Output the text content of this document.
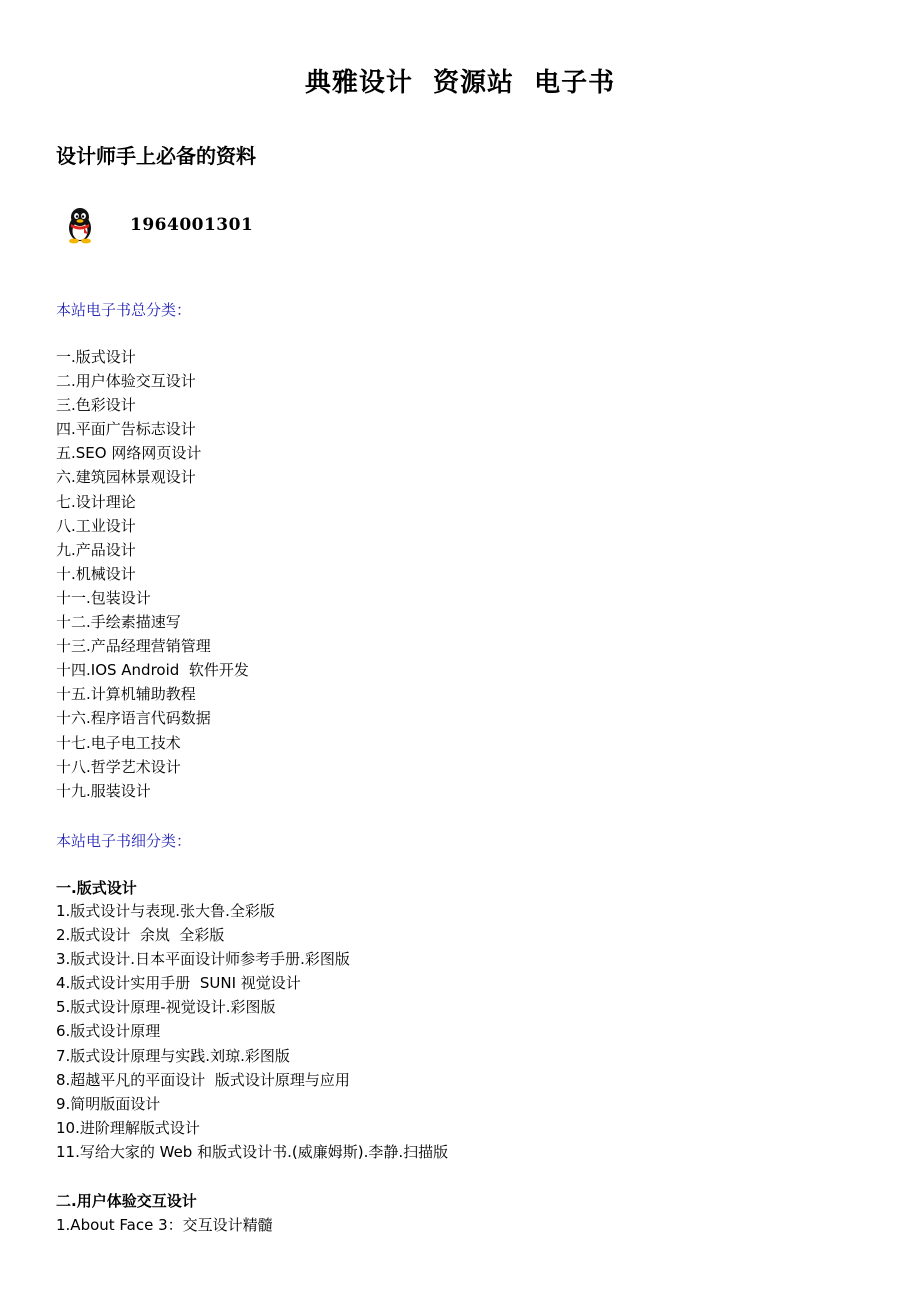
典雅设计  资源站  电子书
设计师手上必备的资料
1964001301
本站电子书总分类：
一.版式设计
二.用户体验交互设计
三.色彩设计
四.平面广告标志设计
五.SEO 网络网页设计
六.建筑园林景观设计
七.设计理论
八.工业设计
九.产品设计
十.机械设计
十一.包装设计
十二.手绘素描速写
十三.产品经理营销管理
十四.IOS Android  软件开发
十五.计算机辅助教程
十六.程序语言代码数据
十七.电子电工技术
十八.哲学艺术设计
十九.服装设计
本站电子书细分类：
一.版式设计
1.版式设计与表现.张大鲁.全彩版
2.版式设计  余岚  全彩版
3.版式设计.日本平面设计师参考手册.彩图版
4.版式设计实用手册  SUNI 视觉设计
5.版式设计原理-视觉设计.彩图版
6.版式设计原理
7.版式设计原理与实践.刘琼.彩图版
8.超越平凡的平面设计  版式设计原理与应用
9.简明版面设计
10.进阶理解版式设计
11.写给大家的 Web 和版式设计书.(威廉姆斯).李静.扫描版
二.用户体验交互设计
1.About Face 3：交互设计精髓
